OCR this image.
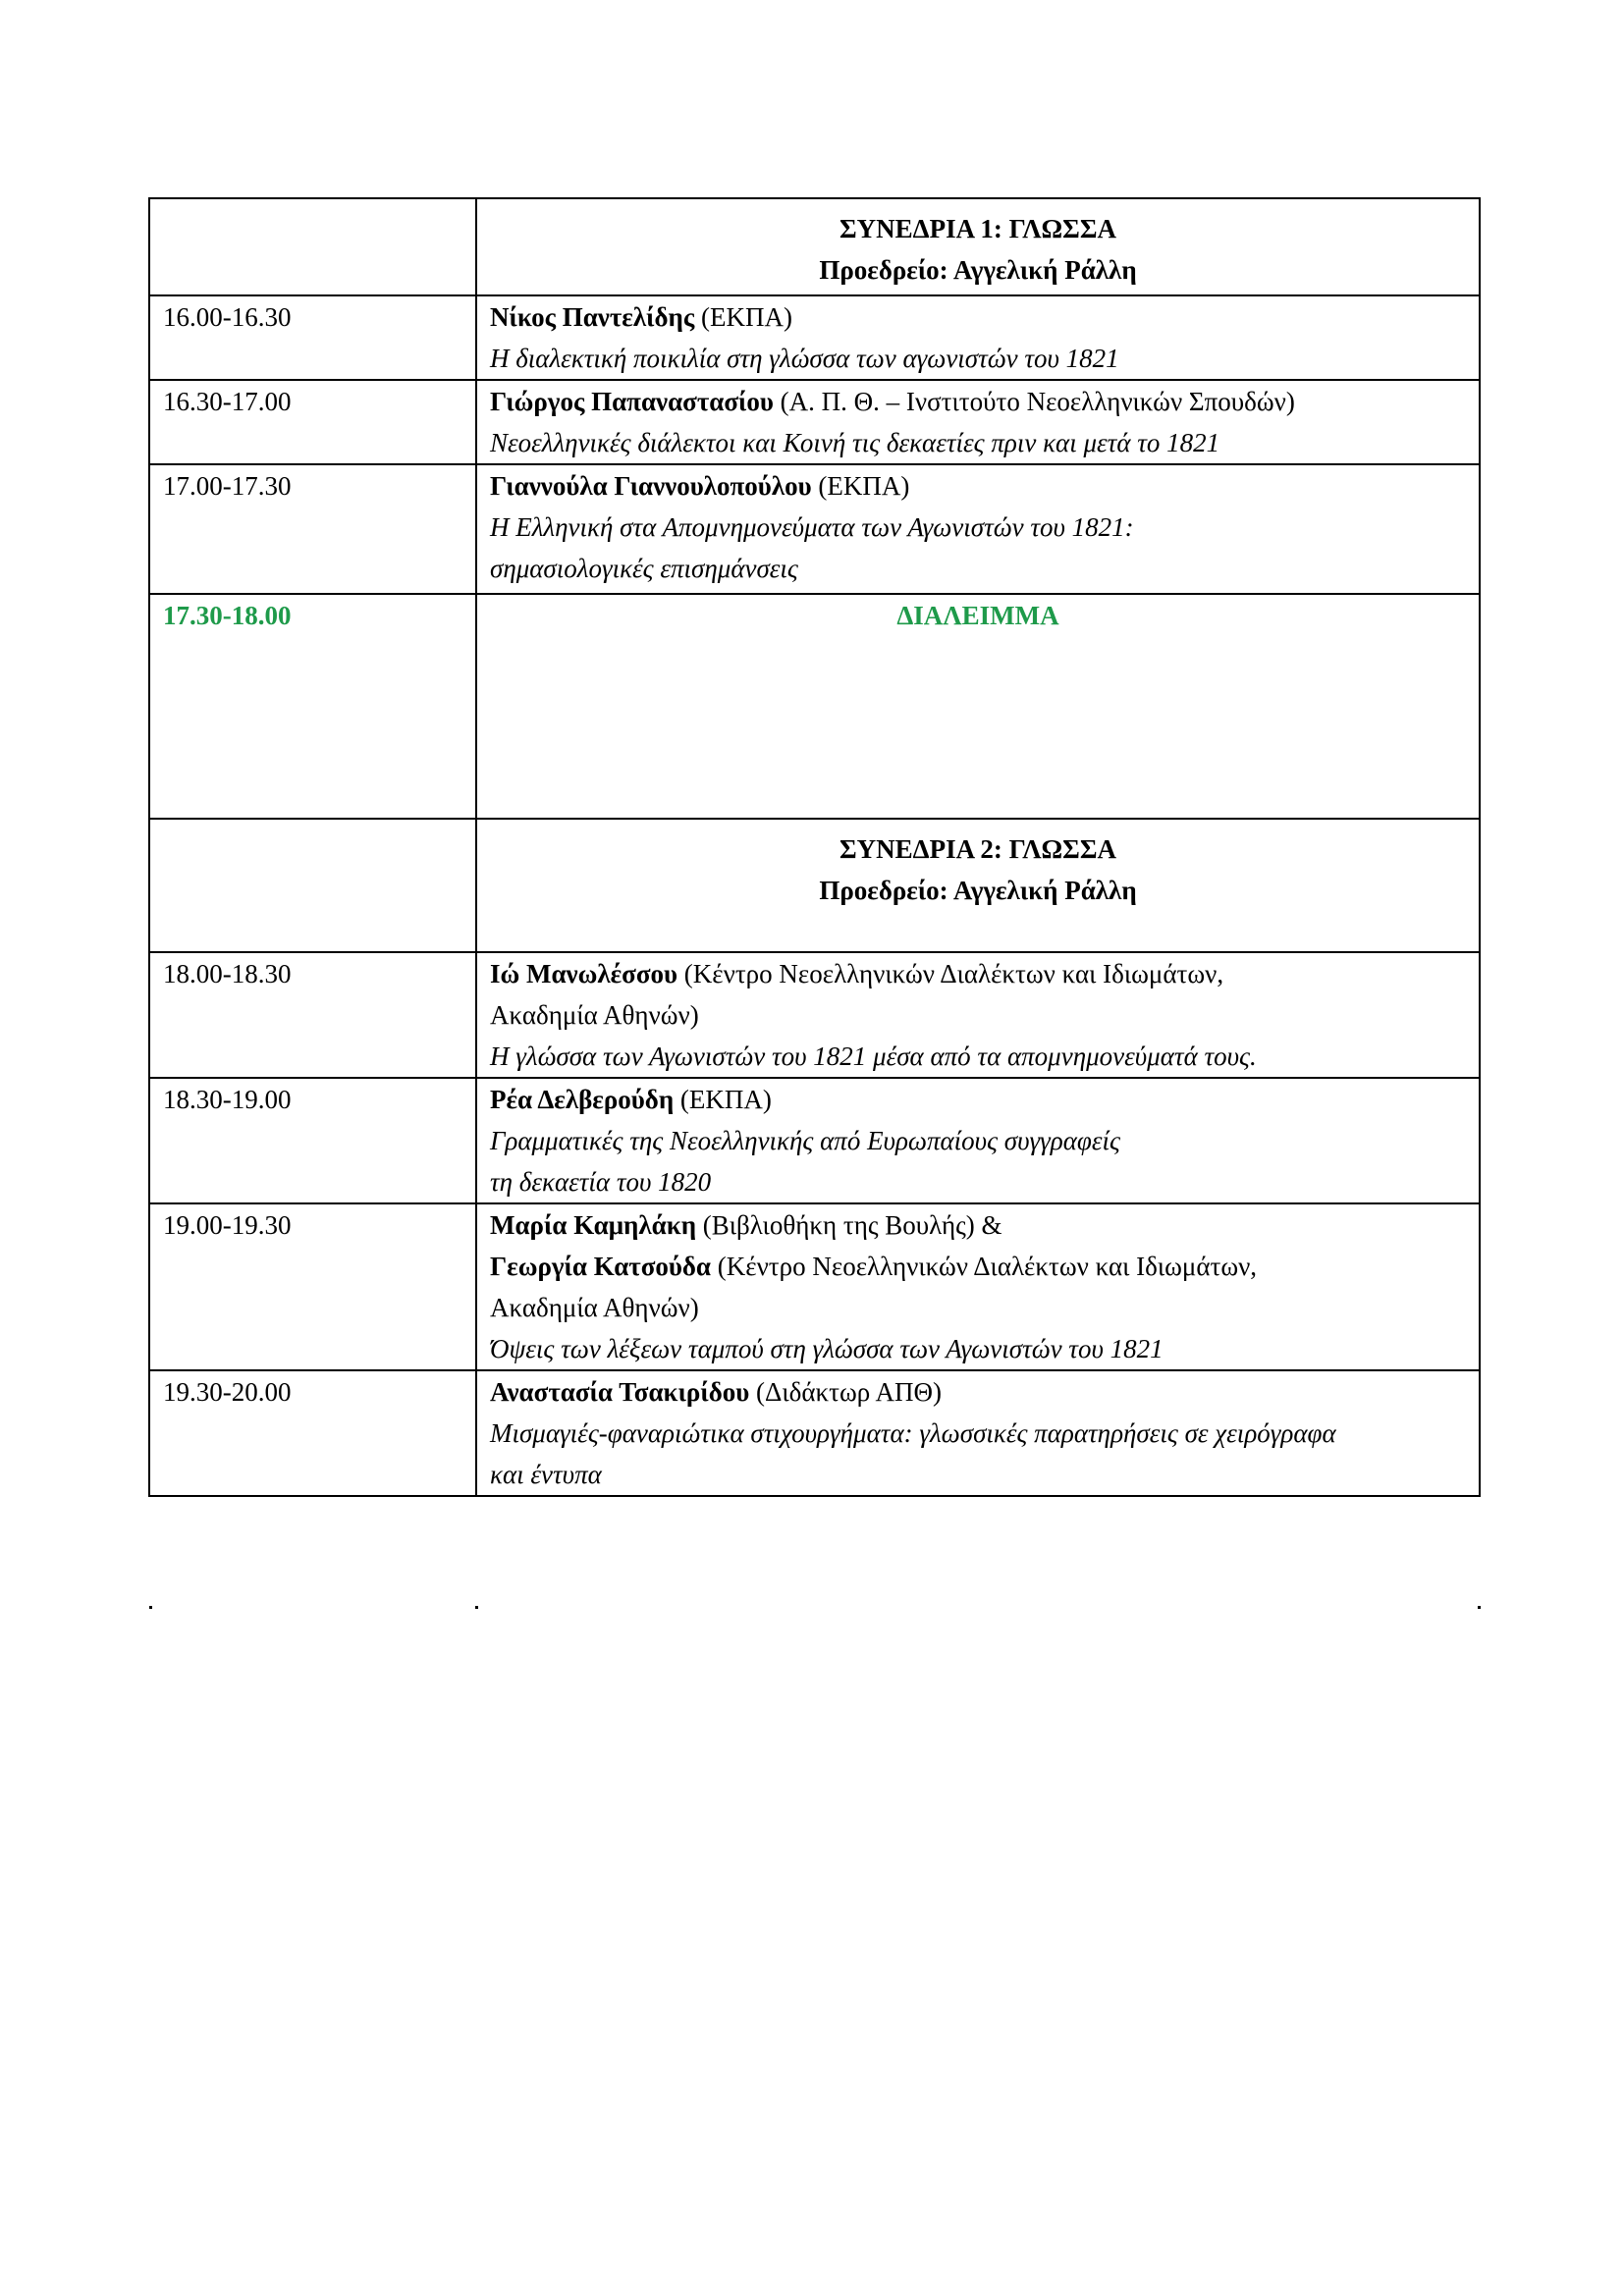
	ΣΥΝΕΔΡΙΑ 1: ΓΛΩΣΣΑ
Προεδρείο: Αγγελική Ράλλη

16.00-16.30	Νίκος Παντελίδης (ΕΚΠΑ)
Η διαλεκτική ποικιλία στη γλώσσα των αγωνιστών του 1821

16.30-17.00	Γιώργος Παπαναστασίου (Α. Π. Θ. – Ινστιτούτο Νεοελληνικών Σπουδών)
Νεοελληνικές διάλεκτοι και Κοινή τις δεκαετίες πριν και μετά το 1821

17.00-17.30	Γιαννούλα Γιαννουλοπούλου (ΕΚΠΑ)
Η Ελληνική στα Απομνημονεύματα των Αγωνιστών του 1821:
σημασιολογικές επισημάνσεις

17.30-18.00	ΔΙΑΛΕΙΜΜΑ

	ΣΥΝΕΔΡΙΑ 2: ΓΛΩΣΣΑ
Προεδρείο: Αγγελική Ράλλη

18.00-18.30	Ιώ Μανωλέσσου (Κέντρο Νεοελληνικών Διαλέκτων και Ιδιωμάτων,
Ακαδημία Αθηνών)
Η γλώσσα των Αγωνιστών του 1821 μέσα από τα απομνημονεύματά τους.

18.30-19.00	Ρέα Δελβερούδη (ΕΚΠΑ)
Γραμματικές της Νεοελληνικής από Ευρωπαίους συγγραφείς
τη δεκαετία του 1820

19.00-19.30	Μαρία Καμηλάκη (Βιβλιοθήκη της Βουλής) &
Γεωργία Κατσούδα (Κέντρο Νεοελληνικών Διαλέκτων και Ιδιωμάτων,
Ακαδημία Αθηνών)
Όψεις των λέξεων ταμπού στη γλώσσα των Αγωνιστών του 1821

19.30-20.00	Αναστασία Τσακιρίδου (Διδάκτωρ ΑΠΘ)
Μισμαγιές-φαναριώτικα στιχουργήματα: γλωσσικές παρατηρήσεις σε χειρόγραφα
και έντυπα
